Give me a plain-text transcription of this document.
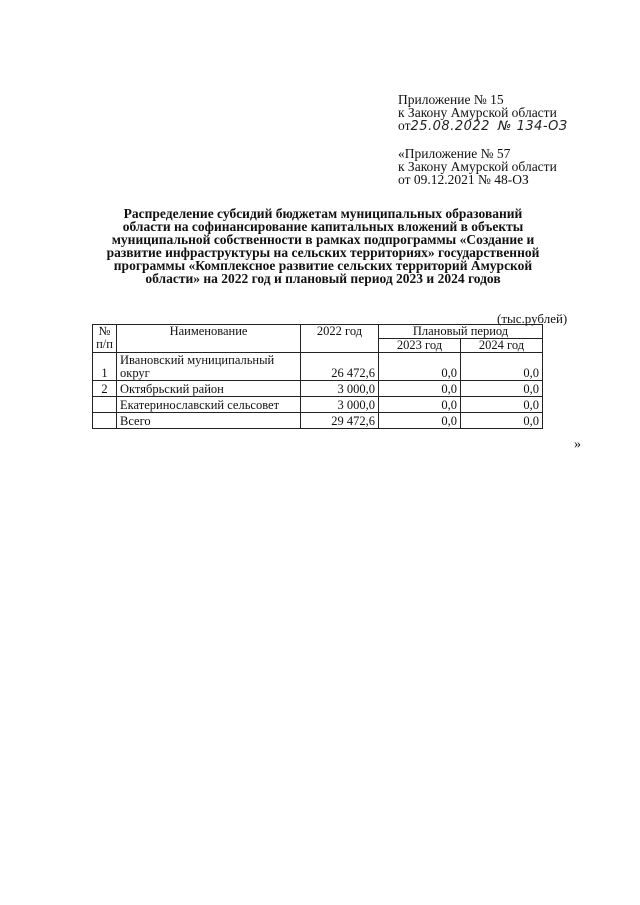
Приложение № 15
к Закону Амурской области
от25.08.2022 № 134-ОЗ
«Приложение № 57
к Закону Амурской области
от 09.12.2021 № 48-ОЗ
Распределение субсидий бюджетам муниципальных образований
области на софинансирование капитальных вложений в объекты
муниципальной собственности в рамках подпрограммы «Создание и
развитие инфраструктуры на сельских территориях» государственной
программы «Комплексное развитие сельских территорий Амурской
области» на 2022 год и плановый период 2023 и 2024 годов
(тыс.рублей)
№ п/п	Наименование	2022 год	Плановый период	
			2023 год	2024 год
1	Ивановский муниципальный округ	26 472,6	0,0	0,0
2	Октябрьский район	3 000,0	0,0	0,0
	Екатеринославский сельсовет	3 000,0	0,0	0,0
	Всего	29 472,6	0,0	0,0
»
